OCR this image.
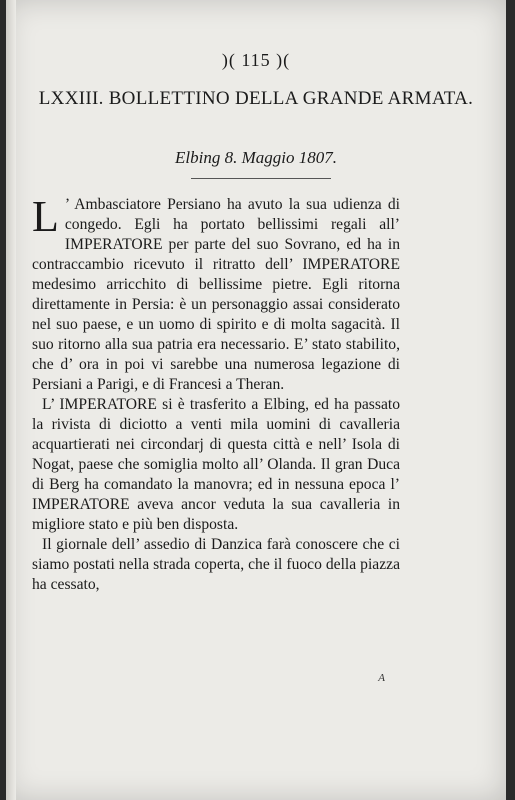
)( 115 )(
LXXIII. BOLLETTINO DELLA GRANDE ARMATA.
Elbing 8. Maggio 1807.

L ’ Ambasciatore Persiano ha avuto la sua udienza di congedo. Egli ha portato bellissimi regali all’ IMPERATORE per parte del suo Sovrano, ed ha in contraccambio ricevuto il ritratto dell’ IMPERATORE medesimo arricchito di bellissime pietre. Egli ritorna direttamente in Persia: è un personaggio assai considerato nel suo paese, e un uomo di spirito e di molta sagacità. Il suo ritorno alla sua patria era necessario. E’ stato stabilito, che d’ ora in poi vi sarebbe una numerosa legazione di Persiani a Parigi, e di Francesi a Theran.

L’ IMPERATORE si è trasferito a Elbing, ed ha passato la rivista di diciotto a venti mila uomini di cavalleria acquartierati nei circondarj di questa città e nell’ Isola di Nogat, paese che somiglia molto all’ Olanda. Il gran Duca di Berg ha comandato la manovra; ed in nessuna epoca l’ IMPERATORE aveva ancor veduta la sua cavalleria in migliore stato e più ben disposta.

Il giornale dell’ assedio di Danzica farà conoscere che ci siamo postati nella strada coperta, che il fuoco della piazza ha cessato,

A
